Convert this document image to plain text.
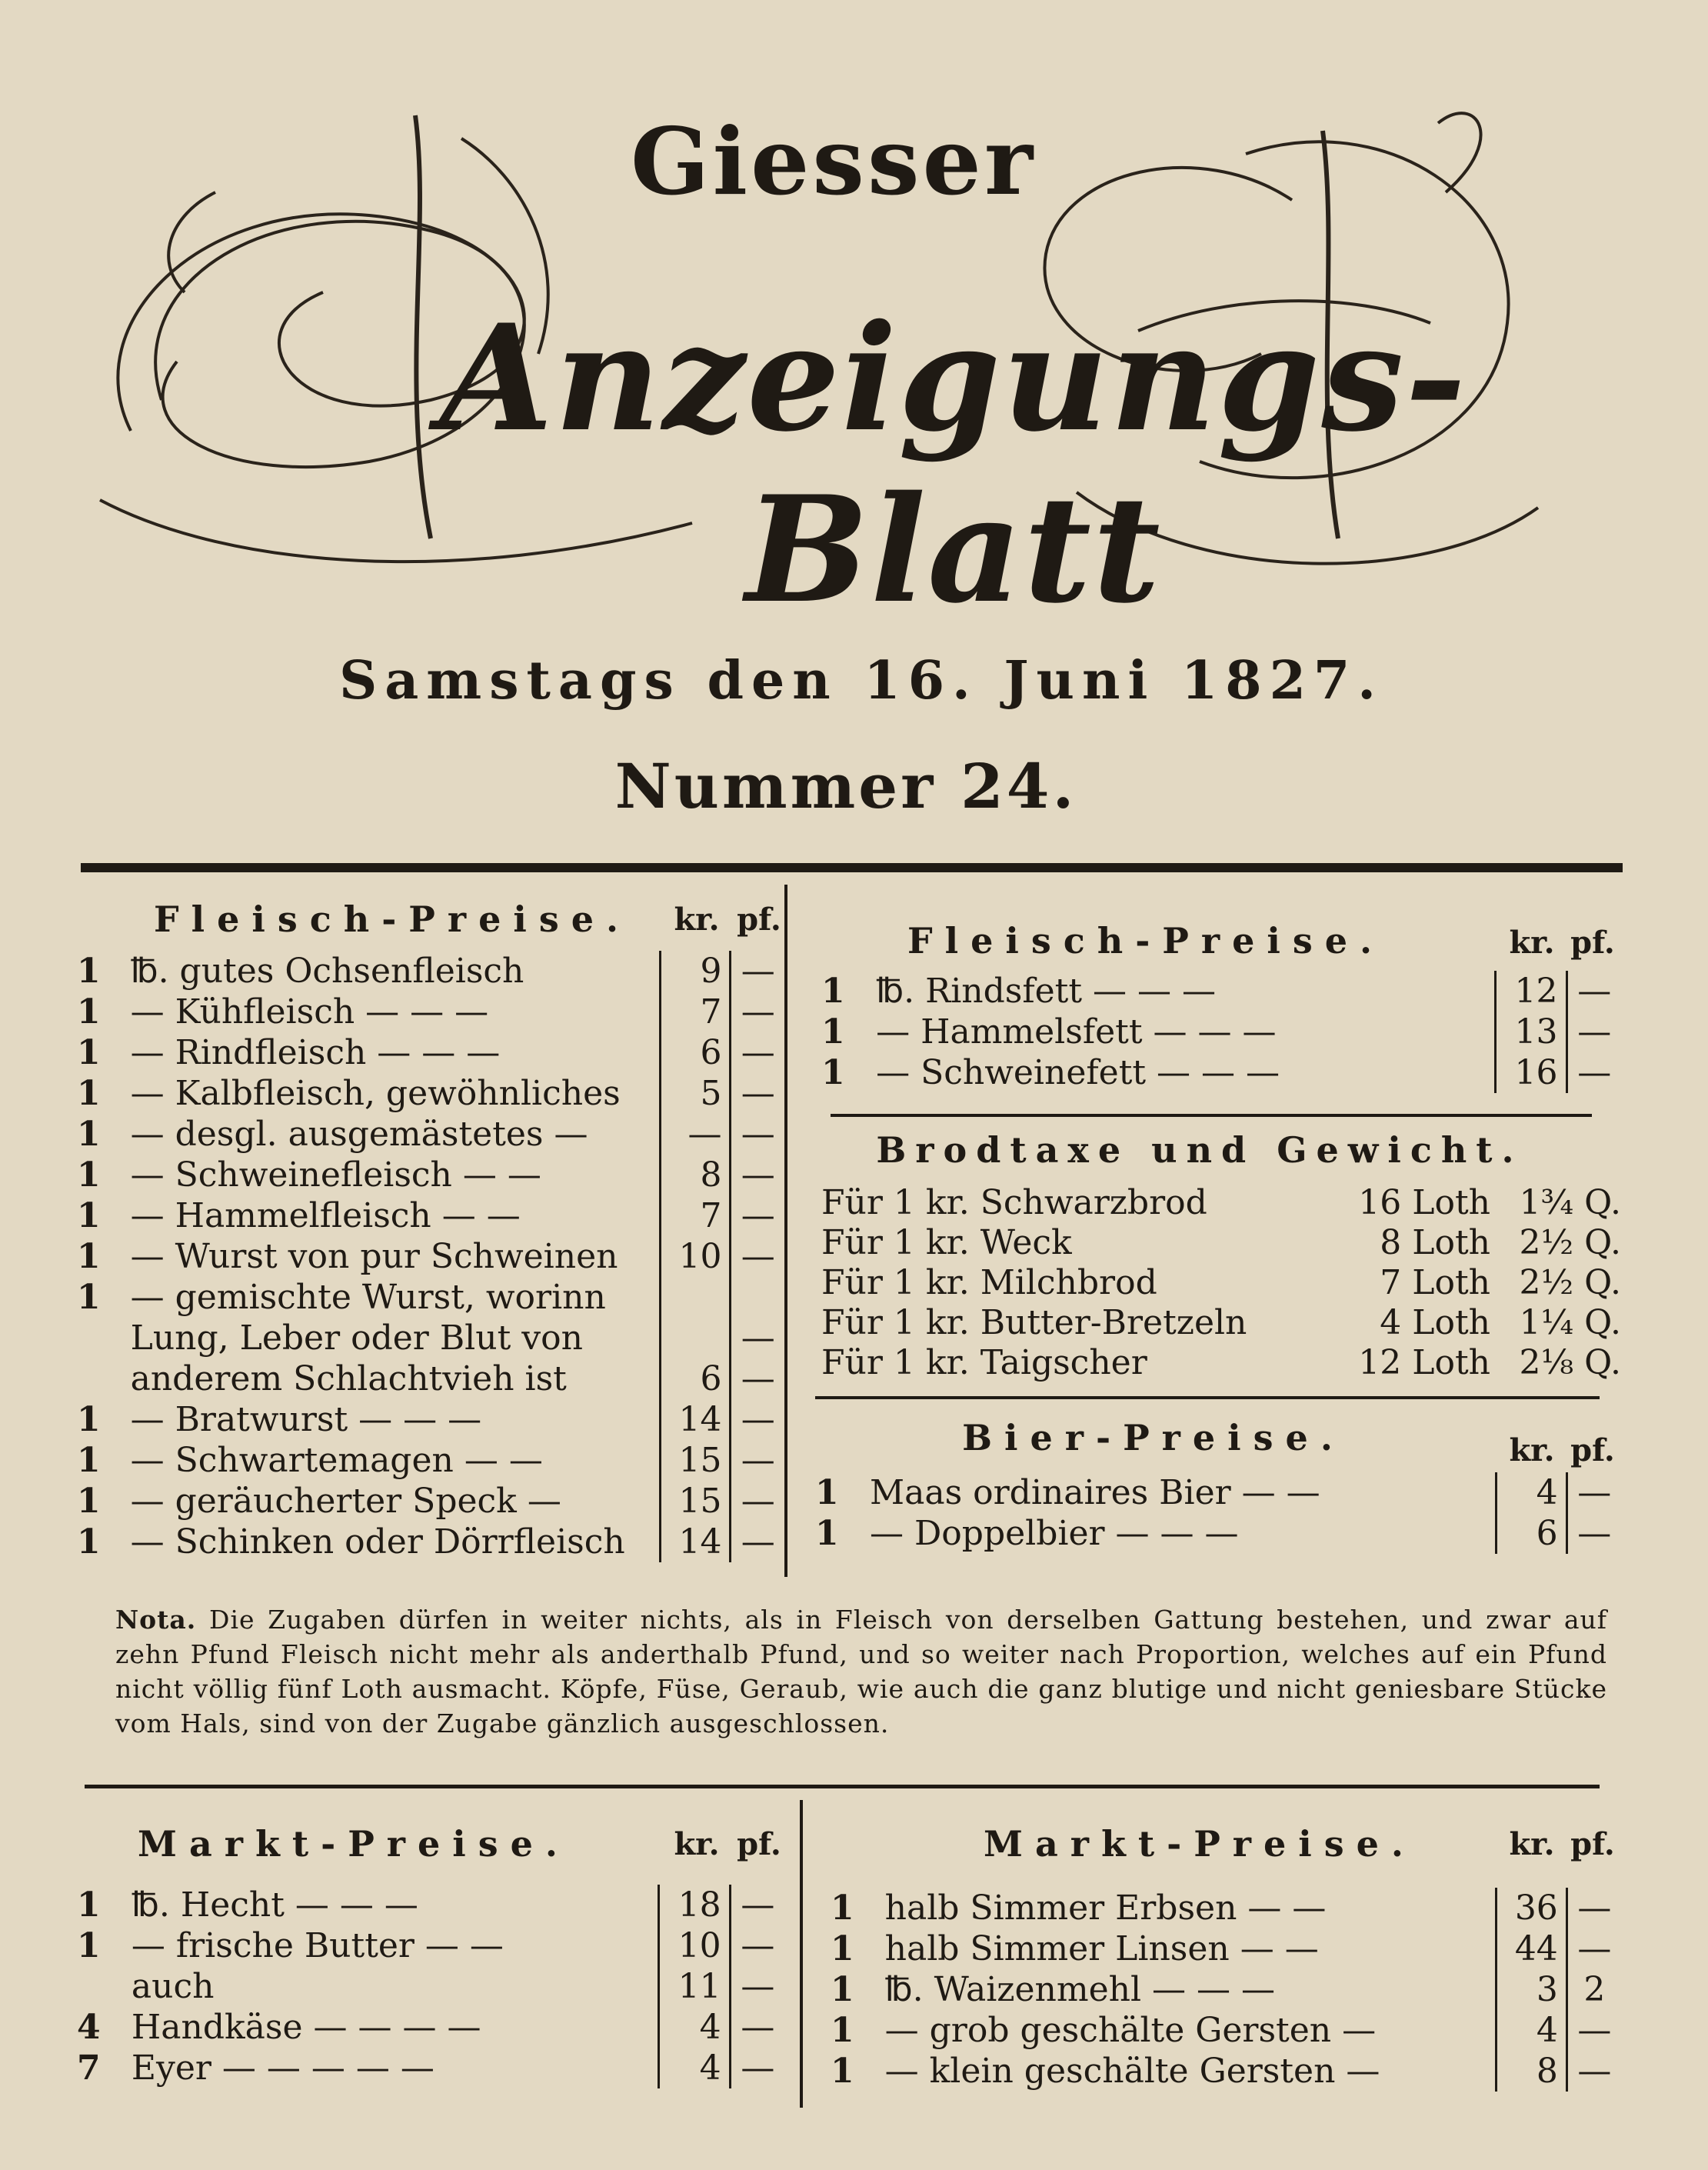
Giesser
Anzeigungs-Blatt
Samstags den 16. Juni 1827.
Nummer 24.
Fleisch-Preise.	kr. pf.
1	℔. gutes Ochsenfleisch	9	—
1	— Kühfleisch — — —	7	—
1	— Rindfleisch — — —	6	—
1	— Kalbfleisch, gewöhnliches	5	—
1	— desgl. ausgemästetes —	—	—
1	— Schweinefleisch — —	8	—
1	— Hammelfleisch — —	7	—
1	— Wurst von pur Schweinen	10	—
1	— gemischte Wurst, worinn		
	Lung, Leber oder Blut von		—
	anderem Schlachtvieh ist	6	—
1	— Bratwurst — — —	14	—
1	— Schwartemagen — —	15	—
1	— geräucherter Speck —	15	—
1	— Schinken oder Dörrfleisch	14	—
Fleisch-Preise.	kr. pf.
1	℔. Rindsfett — — —	12	—
1	— Hammelsfett — — —	13	—
1	— Schweinefett — — —	16	—
Brodtaxe und Gewicht.
Für 1 kr. Schwarzbrod	16 Loth	1¾ Q.
Für 1 kr. Weck	8 Loth	2½ Q.
Für 1 kr. Milchbrod	7 Loth	2½ Q.
Für 1 kr. Butter-Bretzeln	4 Loth	1¼ Q.
Für 1 kr. Taigscher	12 Loth	2⅛ Q.
Bier-Preise.	kr. pf.
1	Maas ordinaires Bier — —	4	—
1	— Doppelbier — — —	6	—
Nota. Die Zugaben dürfen in weiter nichts, als in Fleisch von derselben Gattung bestehen, und zwar auf zehn Pfund Fleisch nicht mehr als anderthalb Pfund, und so weiter nach Proportion, welches auf ein Pfund nicht völlig fünf Loth ausmacht. Köpfe, Füse, Geraub, wie auch die ganz blutige und nicht geniesbare Stücke vom Hals, sind von der Zugabe gänzlich ausgeschlossen.
Markt-Preise.	kr. pf.
1	℔. Hecht — — —	18	—
1	— frische Butter — —	10	—
	auch	11	—
4	Handkäse — — — —	4	—
7	Eyer — — — — —	4	—
Markt-Preise.	kr. pf.
1	halb Simmer Erbsen — —	36	—
1	halb Simmer Linsen — —	44	—
1	℔. Waizenmehl — — —	3	2
1	— grob geschälte Gersten —	4	—
1	— klein geschälte Gersten —	8	—
